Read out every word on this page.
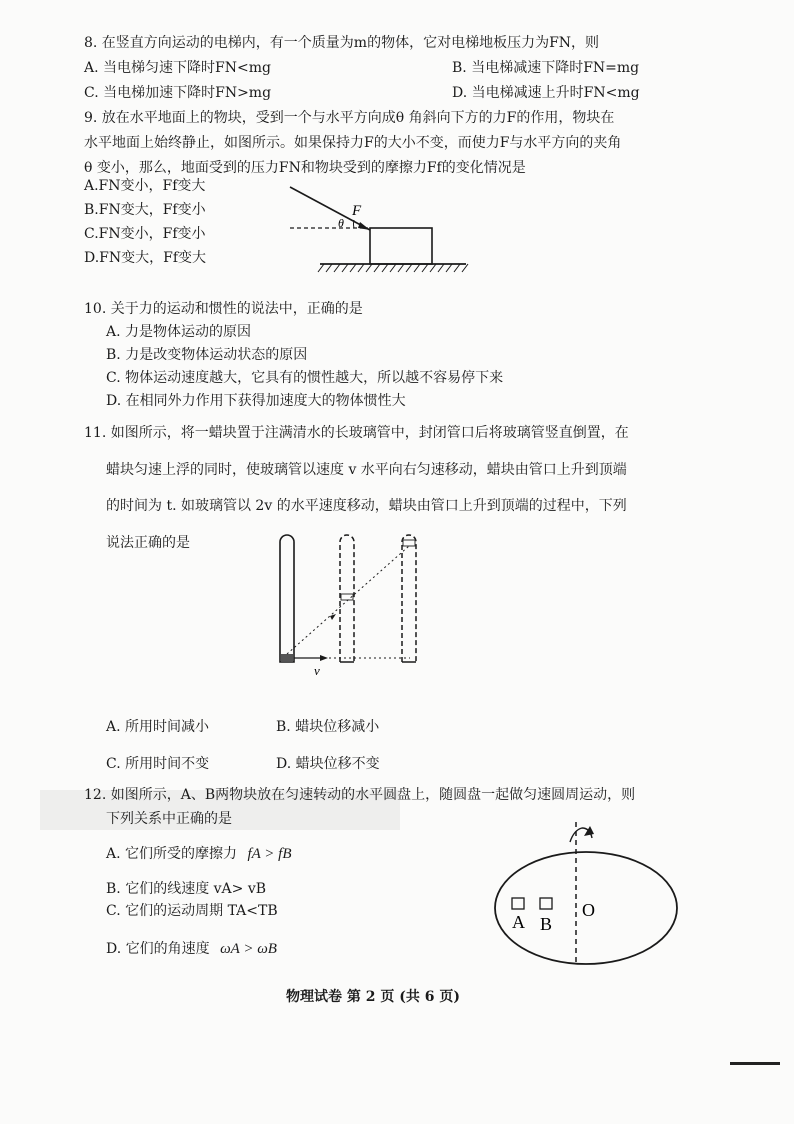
8. 在竖直方向运动的电梯内，有一个质量为m的物体，它对电梯地板压力为FN，则
A. 当电梯匀速下降时FN<mg	B. 当电梯减速下降时FN=mg
C. 当电梯加速下降时FN>mg	D. 当电梯减速上升时FN<mg
9. 放在水平地面上的物块，受到一个与水平方向成θ 角斜向下方的力F的作用，物块在
水平地面上始终静止，如图所示。如果保持力F的大小不变，而使力F与水平方向的夹角
θ 变小，那么，地面受到的压力FN和物块受到的摩擦力Ff的变化情况是
A.FN变小，Ff变大
B.FN变大，Ff变小
C.FN变小，Ff变小
D.FN变大，Ff变大
F
θ
10. 关于力的运动和惯性的说法中，正确的是
A. 力是物体运动的原因
B. 力是改变物体运动状态的原因
C. 物体运动速度越大，它具有的惯性越大，所以越不容易停下来
D. 在相同外力作用下获得加速度大的物体惯性大
11. 如图所示，将一蜡块置于注满清水的长玻璃管中，封闭管口后将玻璃管竖直倒置，在
蜡块匀速上浮的同时，使玻璃管以速度 v 水平向右匀速移动，蜡块由管口上升到顶端
的时间为 t. 如玻璃管以 2v 的水平速度移动，蜡块由管口上升到顶端的过程中，下列
说法正确的是
v
A. 所用时间减小	B. 蜡块位移减小
C. 所用时间不变	D. 蜡块位移不变
12. 如图所示，A、B两物块放在匀速转动的水平圆盘上，随圆盘一起做匀速圆周运动，则
下列关系中正确的是
A. 它们所受的摩擦力 fA > fB
B. 它们的线速度 vA> vB
C. 它们的运动周期 TA<TB
D. 它们的角速度 ωA > ωB
A B
O
物理试卷 第 2 页 (共 6 页)
